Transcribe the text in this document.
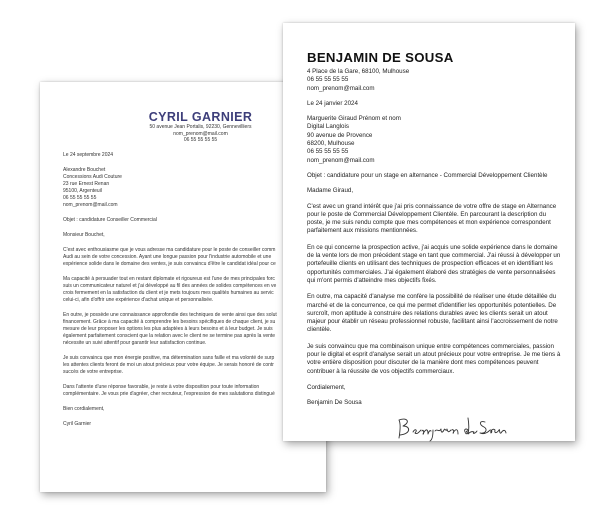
CYRIL GARNIER
50 avenue Jean Portalis, 92230, Gennevilliers
nom_prenom@mail.com
06 55 55 55 55

Le 24 septembre 2024

Alexandre Bouchet
Concessions Audi Couture
23 rue Ernest Renan
95100, Argenteuil
06 55 55 55 55
nom_prenom@mail.com

Objet : candidature Conseiller Commercial

Monsieur Bouchet,

C'est avec enthousiasme que je vous adresse ma candidature pour le poste de conseiller comm
Audi au sein de votre concession. Ayant une longue passion pour l'industrie automobile et une
expérience solide dans le domaine des ventes, je suis convaincu d'être le candidat idéal pour ce
Ma capacité à persuader tout en restant diplomate et rigoureux est l'une de mes principales forc
suis un communicateur naturel et j'ai développé au fil des années de solides compétences en ve
crois fermement en la satisfaction du client et je mets toujours mes qualités humaines au servic
celui-ci, afin d'offrir une expérience d'achat unique et personnalisée.
En outre, je possède une connaissance approfondie des techniques de vente ainsi que des solut
financement. Grâce à ma capacité à comprendre les besoins spécifiques de chaque client, je su
mesure de leur proposer les options les plus adaptées à leurs besoins et à leur budget. Je suis
également parfaitement conscient que la relation avec le client ne se termine pas après la vente
nécessite un suivi attentif pour garantir leur satisfaction continue.
Je suis convaincu que mon énergie positive, ma détermination sans faille et ma volonté de surp
les attentes clients feront de moi un atout précieux pour votre équipe. Je serais honoré de contr
succès de votre entreprise.
Dans l'attente d'une réponse favorable, je reste à votre disposition pour toute information
complémentaire. Je vous prie d'agréer, cher recruteur, l'expression de mes salutations distingué

Bien cordialement,

Cyril Garnier

BENJAMIN DE SOUSA
4 Place de la Gare, 68100, Mulhouse
06 55 55 55 55
nom_prenom@mail.com

Le 24 janvier 2024

Marguerite Giraud Prénom et nom
Digital Langlois
90 avenue de Provence
68200, Mulhouse
06 55 55 55 55
nom_prenom@mail.com

Objet : candidature pour un stage en alternance - Commercial Développement Clientèle

Madame Giraud,

C'est avec un grand intérêt que j'ai pris connaissance de votre offre de stage en Alternance
pour le poste de Commercial Développement Clientèle. En parcourant la description du
poste, je me suis rendu compte que mes compétences et mon expérience correspondent
parfaitement aux missions mentionnées.
En ce qui concerne la prospection active, j'ai acquis une solide expérience dans le domaine
de la vente lors de mon précédent stage en tant que commercial. J'ai réussi à développer un
portefeuille clients en utilisant des techniques de prospection efficaces et en identifiant les
opportunités commerciales. J'ai également élaboré des stratégies de vente personnalisées
qui m'ont permis d'atteindre mes objectifs fixés.
En outre, ma capacité d'analyse me confère la possibilité de réaliser une étude détaillée du
marché et de la concurrence, ce qui me permet d'identifier les opportunités potentielles. De
surcroît, mon aptitude à construire des relations durables avec les clients serait un atout
majeur pour établir un réseau professionnel robuste, facilitant ainsi l'accroissement de notre
clientèle.
Je suis convaincu que ma combinaison unique entre compétences commerciales, passion
pour le digital et esprit d'analyse serait un atout précieux pour votre entreprise. Je me tiens à
votre entière disposition pour discuter de la manière dont mes compétences peuvent
contribuer à la réussite de vos objectifs commerciaux.

Cordialement,

Benjamin De Sousa
